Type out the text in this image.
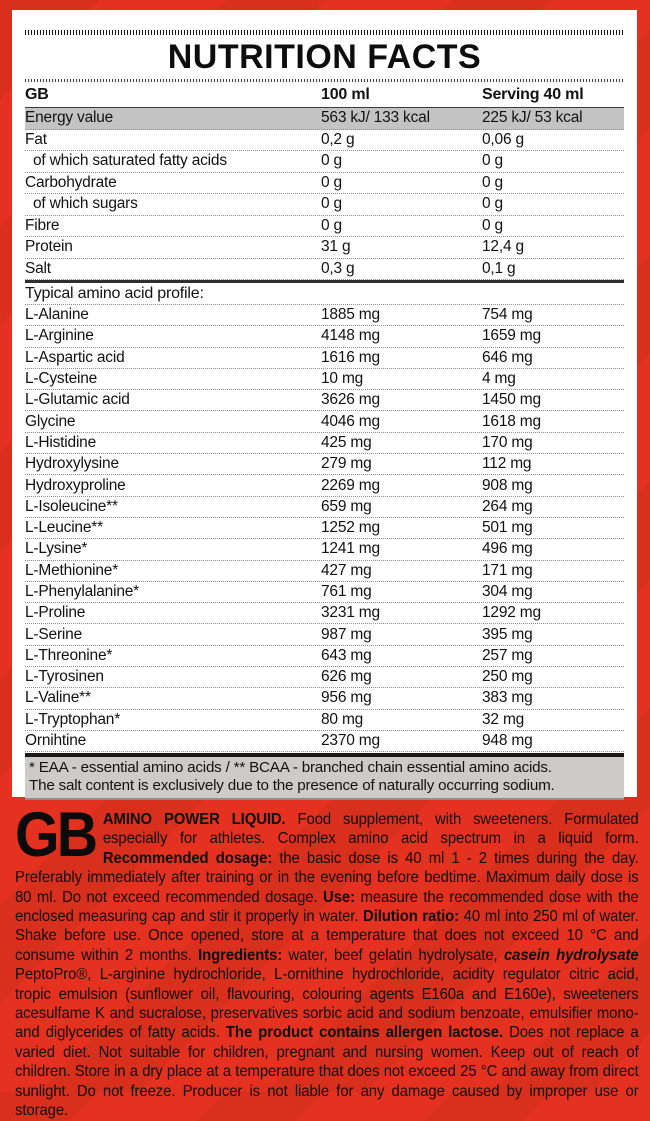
NUTRITION FACTS
GB	100 ml	Serving 40 ml
Energy value	563 kJ/ 133 kcal	225 kJ/ 53 kcal
Fat	0,2 g	0,06 g
of which saturated fatty acids	0 g	0 g
Carbohydrate	0 g	0 g
of which sugars	0 g	0 g
Fibre	0 g	0 g
Protein	31 g	12,4 g
Salt	0,3 g	0,1 g
Typical amino acid profile:
L-Alanine	1885 mg	754 mg
L-Arginine	4148 mg	1659 mg
L-Aspartic acid	1616 mg	646 mg
L-Cysteine	10 mg	4 mg
L-Glutamic acid	3626 mg	1450 mg
Glycine	4046 mg	1618 mg
L-Histidine	425 mg	170 mg
Hydroxylysine	279 mg	112 mg
Hydroxyproline	2269 mg	908 mg
L-Isoleucine**	659 mg	264 mg
L-Leucine**	1252 mg	501 mg
L-Lysine*	1241 mg	496 mg
L-Methionine*	427 mg	171 mg
L-Phenylalanine*	761 mg	304 mg
L-Proline	3231 mg	1292 mg
L-Serine	987 mg	395 mg
L-Threonine*	643 mg	257 mg
L-Tyrosinen	626 mg	250 mg
L-Valine**	956 mg	383 mg
L-Tryptophan*	80 mg	32 mg
Ornihtine	2370 mg	948 mg
* EAA - essential amino acids / ** BCAA - branched chain essential amino acids.
The salt content is exclusively due to the presence of naturally occurring sodium.
GB AMINO POWER LIQUID. Food supplement, with sweeteners. Formulated especially for athletes. Complex amino acid spectrum in a liquid form. Recommended dosage: the basic dose is 40 ml 1 - 2 times during the day. Preferably immediately after training or in the evening before bedtime. Maximum daily dose is 80 ml. Do not exceed recommended dosage. Use: measure the recommended dose with the enclosed measuring cap and stir it properly in water. Dilution ratio: 40 ml into 250 ml of water. Shake before use. Once opened, store at a temperature that does not exceed 10 °C and consume within 2 months. Ingredients: water, beef gelatin hydrolysate, casein hydrolysate PeptoPro®, L-arginine hydrochloride, L-ornithine hydrochloride, acidity regulator citric acid, tropic emulsion (sunflower oil, flavouring, colouring agents E160a and E160e), sweeteners acesulfame K and sucralose, preservatives sorbic acid and sodium benzoate, emulsifier mono- and diglycerides of fatty acids. The product contains allergen lactose. Does not replace a varied diet. Not suitable for children, pregnant and nursing women. Keep out of reach of children. Store in a dry place at a temperature that does not exceed 25 °C and away from direct sunlight. Do not freeze. Producer is not liable for any damage caused by improper use or storage.
